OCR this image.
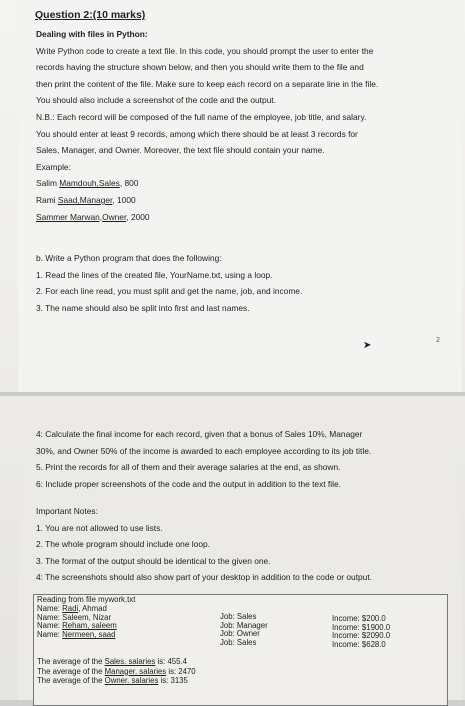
Question 2:(10 marks)

Dealing with files in Python:

Write Python code to create a text file. In this code, you should prompt the user to enter the

records having the structure shown below, and then you should write them to the file and

then print the content of the file. Make sure to keep each record on a separate line in the file.

You should also include a screenshot of the code and the output.

N.B.: Each record will be composed of the full name of the employee, job title, and salary.

You should enter at least 9 records, among which there should be at least 3 records for

Sales, Manager, and Owner. Moreover, the text file should contain your name.

Example:

Salim Mamdouh,Sales, 800

Rami Saad,Manager, 1000

Sammer Marwan,Owner, 2000

b. Write a Python program that does the following:

1. Read the lines of the created file, YourName.txt, using a loop.

2. For each line read, you must split and get the name, job, and income.

3. The name should also be split into first and last names.

➤	2

4: Calculate the final income for each record, given that a bonus of Sales 10%, Manager

30%, and Owner 50% of the income is awarded to each employee according to its job title.

5. Print the records for all of them and their average salaries at the end, as shown.

6: Include proper screenshots of the code and the output in addition to the text file.

Important Notes:

1. You are not allowed to use lists.

2. The whole program should include one loop.

3. The format of the output should be identical to the given one.

4: The screenshots should also show part of your desktop in addition to the code or output.

Reading from file mywork.txt
Name: Radi, Ahmad
Name: Saleem, Nizar
Name: Reham, saleem
Name: Nermeen, saad
Job: Sales
Job: Manager
Job: Owner
Job: Sales
Income: $200.0
Income: $1900.0
Income: $2090.0
Income: $628.0
The average of the Sales. salaries is: 455.4
The average of the Manager. salaries is: 2470
The average of the Owner. salaries is: 3135
